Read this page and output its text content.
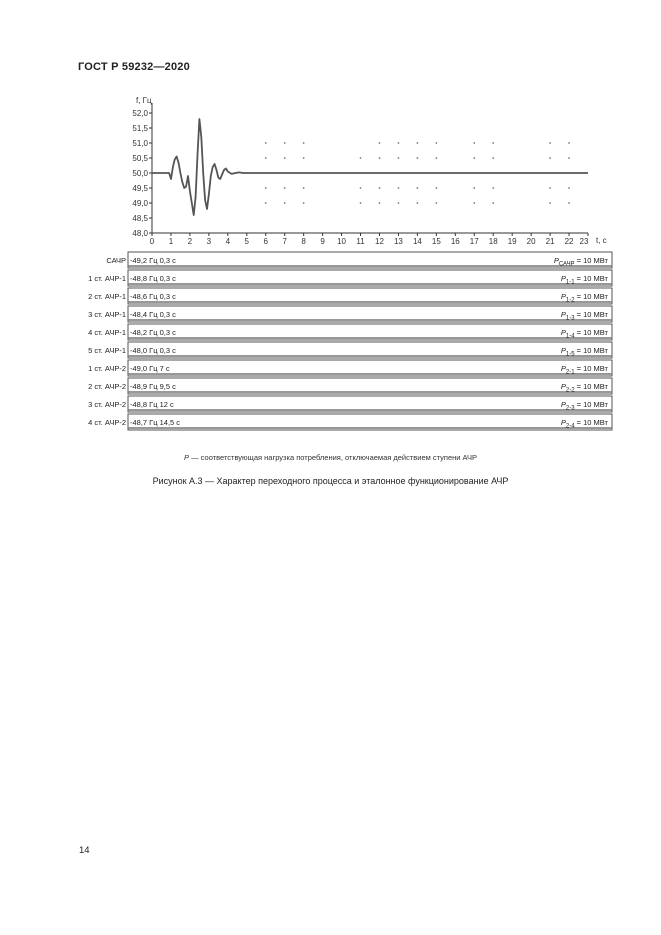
ГОСТ Р 59232—2020
f, Гц
t, с
48,0
48,5
49,0
49,5
50,0
50,5
51,0
51,5
52,0
0 1 2 3 4 5 6 7 8 9 10 11 12 13 14 15 16 17 18 19 20 21 22 23
САЧР -49,2 Гц 0,3 с	$P_{САЧР} = 10$ МВт
1 ст. АЧР-1 -48,8 Гц 0,3 с	$P_{1-1} = 10$ МВт
2 ст. АЧР-1 -48,6 Гц 0,3 с	$P_{1-2} = 10$ МВт
3 ст. АЧР-1 -48,4 Гц 0,3 с	$P_{1-3} = 10$ МВт
4 ст. АЧР-1 -48,2 Гц 0,3 с	$P_{1-4} = 10$ МВт
5 ст. АЧР-1 -48,0 Гц 0,3 с	$P_{1-5} = 10$ МВт
1 ст. АЧР-2 -49,0 Гц 7 с	$P_{2-1} = 10$ МВт
2 ст. АЧР-2 -48,9 Гц 9,5 с	$P_{2-2} = 10$ МВт
3 ст. АЧР-2 -48,8 Гц 12 с	$P_{2-3} = 10$ МВт
4 ст. АЧР-2 -48,7 Гц 14,5 с	$P_{2-4} = 10$ МВт
P — соответствующая нагрузка потребления, отключаемая действием ступени АЧР
Рисунок А.3 — Характер переходного процесса и эталонное функционирование АЧР
14
